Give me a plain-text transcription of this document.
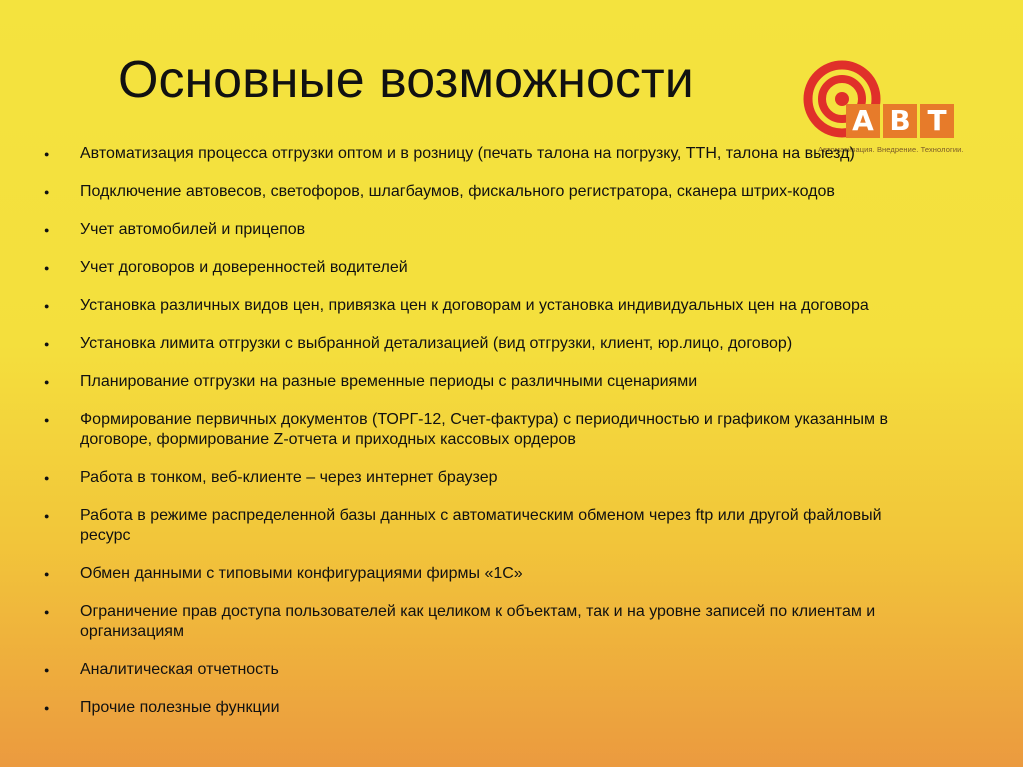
Основные возможности
А В Т
Автоматизация. Внедрение. Технологии.
● Автоматизация процесса отгрузки оптом и в розницу (печать талона на погрузку, ТТН, талона на выезд)
● Подключение автовесов, светофоров, шлагбаумов, фискального регистратора, сканера штрих-кодов
● Учет автомобилей и прицепов
● Учет договоров и доверенностей водителей
● Установка различных видов цен, привязка цен к договорам и установка индивидуальных цен на договора
● Установка лимита отгрузки с выбранной детализацией (вид отгрузки, клиент, юр.лицо, договор)
● Планирование отгрузки на разные временные периоды с различными сценариями
● Формирование первичных документов (ТОРГ-12, Счет-фактура) с периодичностью и графиком указанным в договоре, формирование Z-отчета и приходных кассовых ордеров
● Работа в тонком, веб-клиенте – через интернет браузер
● Работа в режиме распределенной базы данных с автоматическим обменом через ftp или другой файловый ресурс
● Обмен данными с типовыми конфигурациями фирмы «1С»
● Ограничение прав доступа пользователей как целиком к объектам, так и на уровне записей по клиентам и организациям
● Аналитическая отчетность
● Прочие полезные функции
